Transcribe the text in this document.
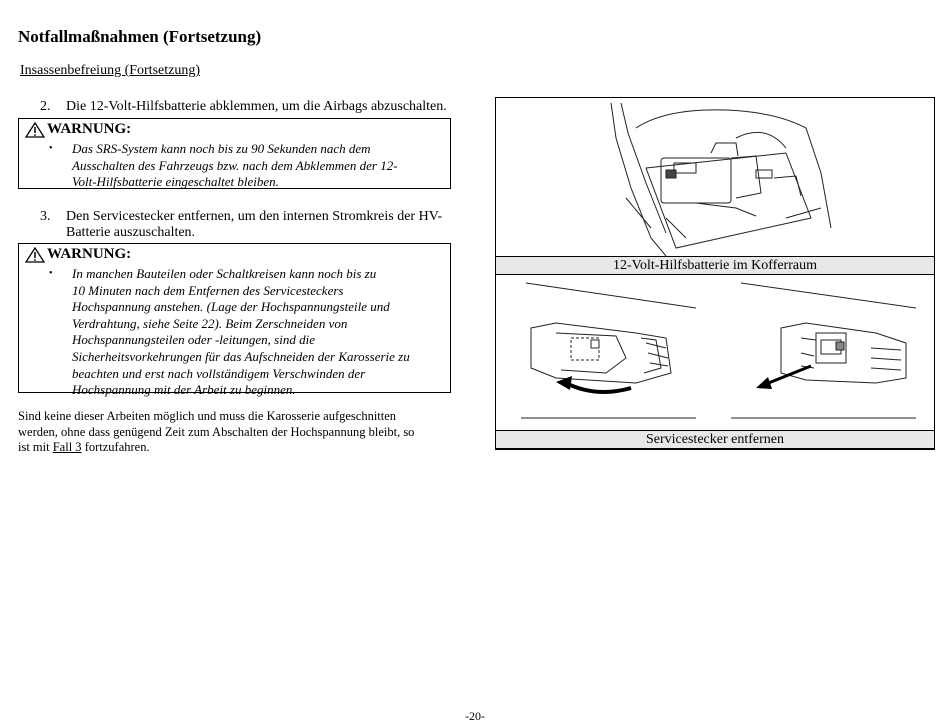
Notfallmaßnahmen (Fortsetzung)
Insassenbefreiung (Fortsetzung)
2. Die 12-Volt-Hilfsbatterie abklemmen, um die Airbags abzuschalten.
WARNUNG:
• Das SRS-System kann noch bis zu 90 Sekunden nach dem
Ausschalten des Fahrzeugs bzw. nach dem Abklemmen der 12-
Volt-Hilfsbatterie eingeschaltet bleiben.
3. Den Servicestecker entfernen, um den internen Stromkreis der HV-
Batterie auszuschalten.
WARNUNG:
• In manchen Bauteilen oder Schaltkreisen kann noch bis zu
10 Minuten nach dem Entfernen des Servicesteckers
Hochspannung anstehen. (Lage der Hochspannungsteile und
Verdrahtung, siehe Seite 22). Beim Zerschneiden von
Hochspannungsteilen oder -leitungen, sind die
Sicherheitsvorkehrungen für das Aufschneiden der Karosserie zu
beachten und erst nach vollständigem Verschwinden der
Hochspannung mit der Arbeit zu beginnen.
Sind keine dieser Arbeiten möglich und muss die Karosserie aufgeschnitten
werden, ohne dass genügend Zeit zum Abschalten der Hochspannung bleibt, so
ist mit Fall 3 fortzufahren.
12-Volt-Hilfsbatterie im Kofferraum
Servicestecker entfernen
-20-
